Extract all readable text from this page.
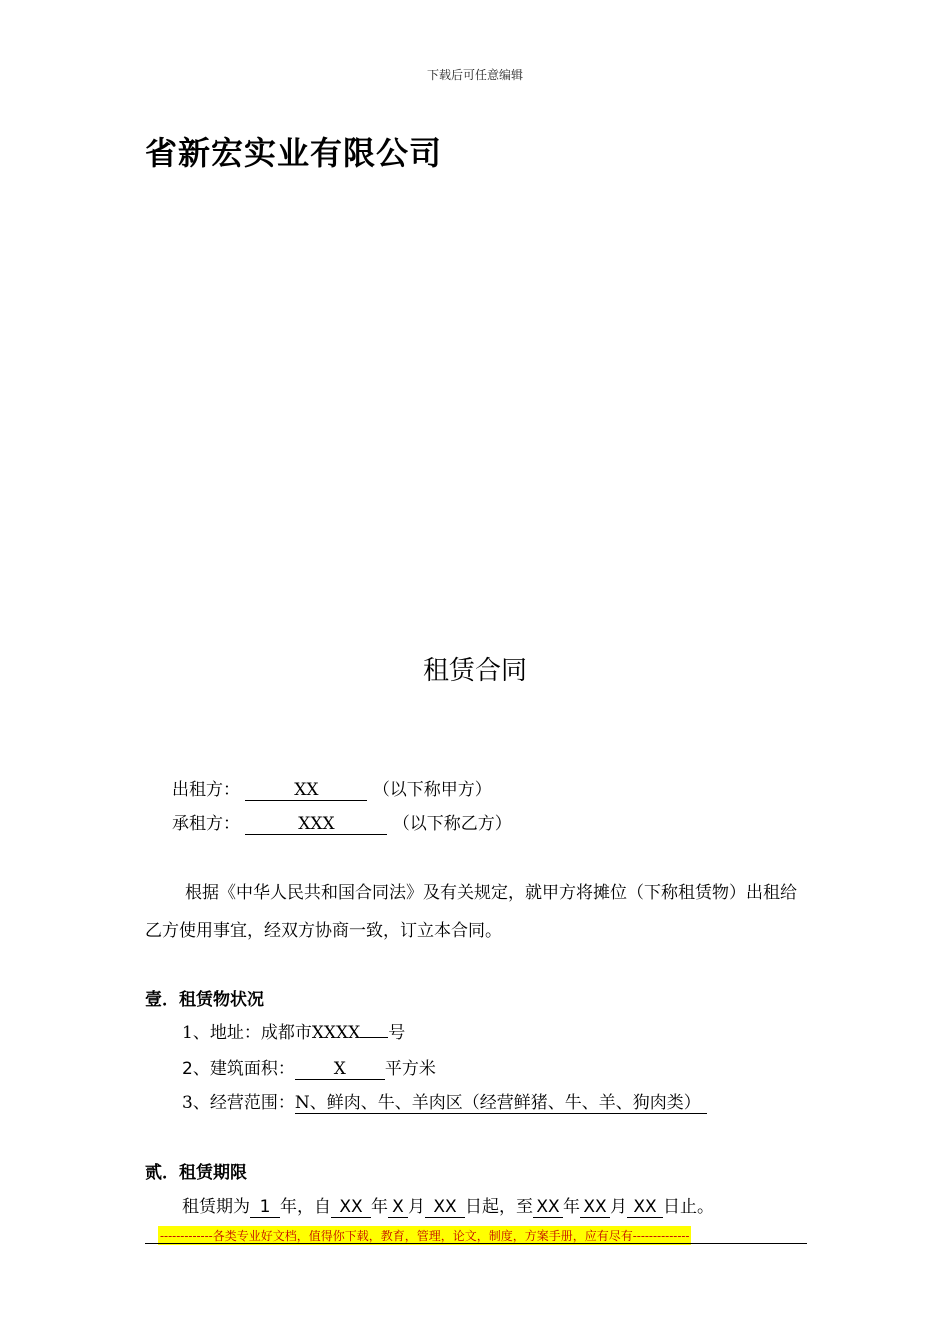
下载后可任意编辑
省新宏实业有限公司
租赁合同
出租方：	XX	（以下称甲方）
承租方：	XXX	（以下称乙方）
根据《中华人民共和国合同法》及有关规定，就甲方将摊位（下称租赁物）出租给乙方使用事宜，经双方协商一致，订立本合同。
壹．租赁物状况
1、地址：成都市XXXX 号
2、建筑面积： X 平方米
3、经营范围：N、鲜肉、牛、羊肉区（经营鲜猪、牛、羊、狗肉类）
贰．租赁期限
租赁期为 1 年，自 XX 年 X 月 XX 日起，至 XX 年 XX 月 XX 日止。
-------------各类专业好文档，值得你下载，教育，管理，论文，制度，方案手册，应有尽有--------------
